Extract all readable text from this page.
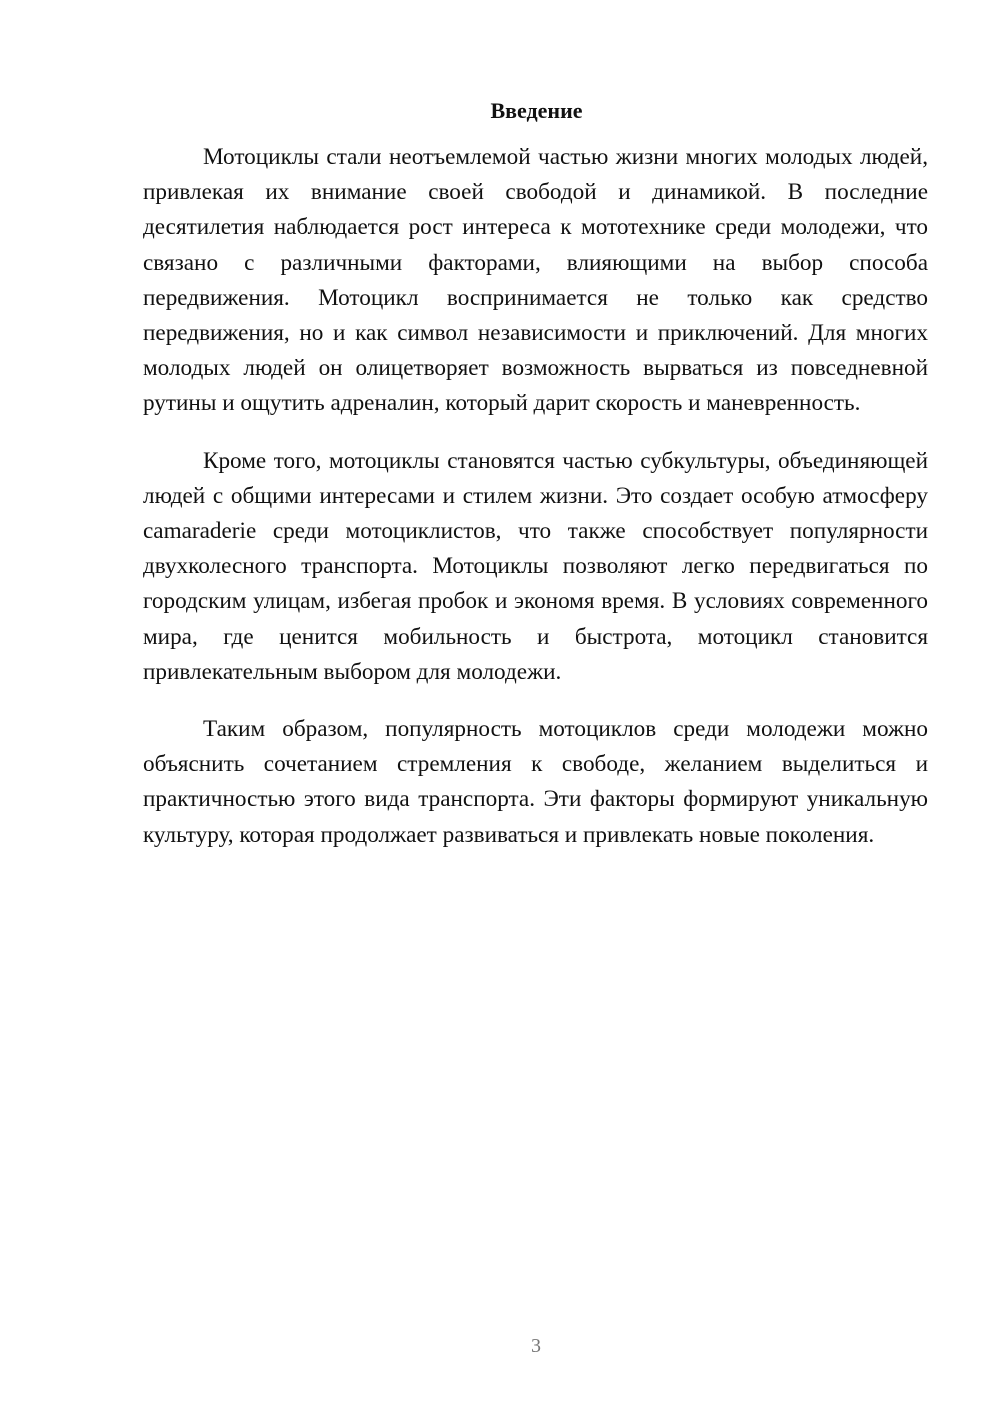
Введение

Мотоциклы стали неотъемлемой частью жизни многих молодых людей, привлекая их внимание своей свободой и динамикой. В последние десятилетия наблюдается рост интереса к мототехнике среди молодежи, что связано с различными факторами, влияющими на выбор способа передвижения. Мотоцикл воспринимается не только как средство передвижения, но и как символ независимости и приключений. Для многих молодых людей он олицетворяет возможность вырваться из повседневной рутины и ощутить адреналин, который дарит скорость и маневренность.

Кроме того, мотоциклы становятся частью субкультуры, объединяющей людей с общими интересами и стилем жизни. Это создает особую атмосферу camaraderie среди мотоциклистов, что также способствует популярности двухколесного транспорта. Мотоциклы позволяют легко передвигаться по городским улицам, избегая пробок и экономя время. В условиях современного мира, где ценится мобильность и быстрота, мотоцикл становится привлекательным выбором для молодежи.

Таким образом, популярность мотоциклов среди молодежи можно объяснить сочетанием стремления к свободе, желанием выделиться и практичностью этого вида транспорта. Эти факторы формируют уникальную культуру, которая продолжает развиваться и привлекать новые поколения.

3
